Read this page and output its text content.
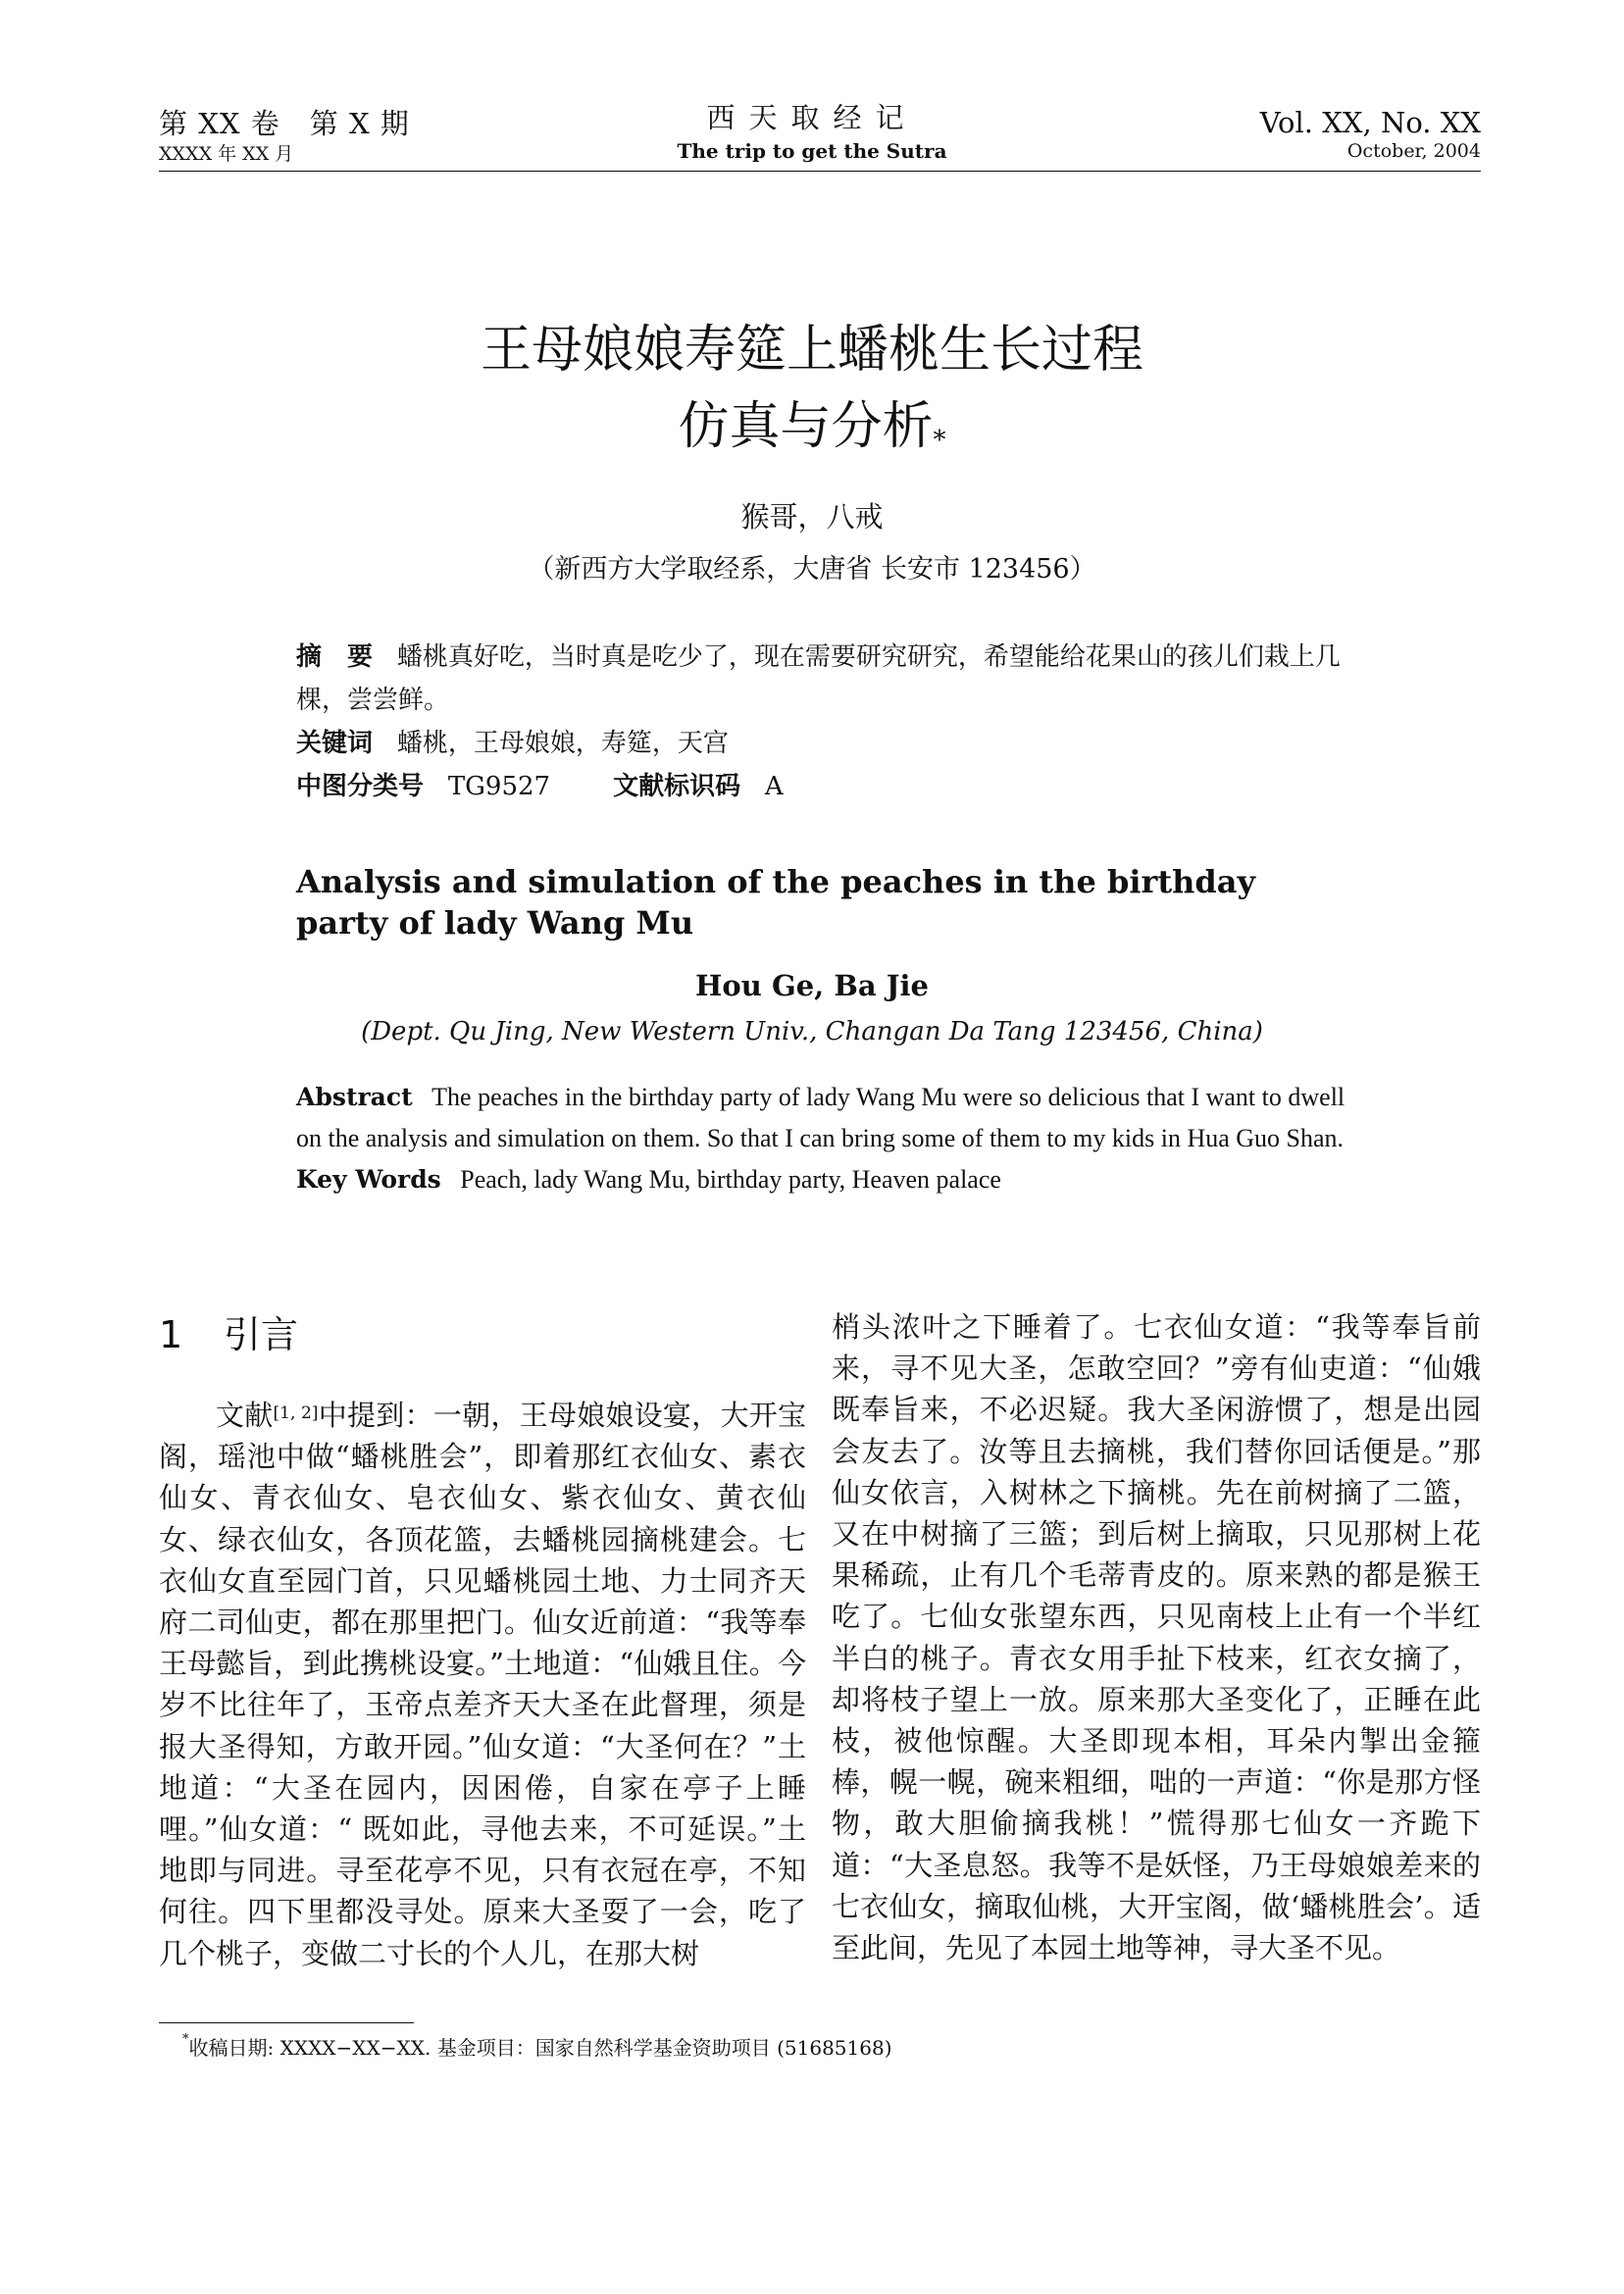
第 XX 卷　第 X 期
XXXX 年 XX 月
西天取经记
The trip to get the Sutra
Vol. XX, No. XX
October, 2004
王母娘娘寿筵上蟠桃生长过程
仿真与分析*
猴哥，八戒
（新西方大学取经系，大唐省 长安市 123456）
摘　要 蟠桃真好吃，当时真是吃少了，现在需要研究研究，希望能给花果山的孩儿们栽上几棵，尝尝鲜。
关键词 蟠桃，王母娘娘，寿筵，天宫
中图分类号 TG9527 文献标识码 A
Analysis and simulation of the peaches in the birthday party of lady Wang Mu
Hou Ge, Ba Jie
(Dept. Qu Jing, New Western Univ., Changan Da Tang 123456, China)
Abstract The peaches in the birthday party of lady Wang Mu were so delicious that I want to dwell on the analysis and simulation on them. So that I can bring some of them to my kids in Hua Guo Shan.
Key Words Peach, lady Wang Mu, birthday party, Heaven palace
1 引言

文献[1, 2]中提到：一朝，王母娘娘设宴，大开宝阁，瑶池中做“蟠桃胜会”，即着那红衣仙女、素衣仙女、青衣仙女、皂衣仙女、紫衣仙女、黄衣仙女、绿衣仙女，各顶花篮，去蟠桃园摘桃建会。七衣仙女直至园门首，只见蟠桃园土地、力士同齐天府二司仙吏，都在那里把门。仙女近前道：“我等奉王母懿旨，到此携桃设宴。”土地道：“仙娥且住。今岁不比往年了，玉帝点差齐天大圣在此督理，须是报大圣得知，方敢开园。”仙女道：“大圣何在？”土地道：“大圣在园内，因困倦，自家在亭子上睡哩。”仙女道：“ 既如此，寻他去来，不可延误。”土地即与同进。寻至花亭不见，只有衣冠在亭，不知何往。四下里都没寻处。原来大圣耍了一会，吃了几个桃子，变做二寸长的个人儿，在那大树

梢头浓叶之下睡着了。七衣仙女道：“我等奉旨前来，寻不见大圣，怎敢空回？”旁有仙吏道：“仙娥既奉旨来，不必迟疑。我大圣闲游惯了，想是出园会友去了。汝等且去摘桃，我们替你回话便是。”那仙女依言，入树林之下摘桃。先在前树摘了二篮，又在中树摘了三篮；到后树上摘取，只见那树上花果稀疏，止有几个毛蒂青皮的。原来熟的都是猴王吃了。七仙女张望东西，只见南枝上止有一个半红半白的桃子。青衣女用手扯下枝来，红衣女摘了，却将枝子望上一放。原来那大圣变化了，正睡在此枝，被他惊醒。大圣即现本相，耳朵内掣出金箍棒，幌一幌，碗来粗细，咄的一声道：“你是那方怪物，敢大胆偷摘我桃！”慌得那七仙女一齐跪下道：“大圣息怒。我等不是妖怪，乃王母娘娘差来的七衣仙女，摘取仙桃，大开宝阁，做‘蟠桃胜会’。适至此间，先见了本园土地等神，寻大圣不见。

*收稿日期: XXXX−XX−XX. 基金项目：国家自然科学基金资助项目 (51685168)
